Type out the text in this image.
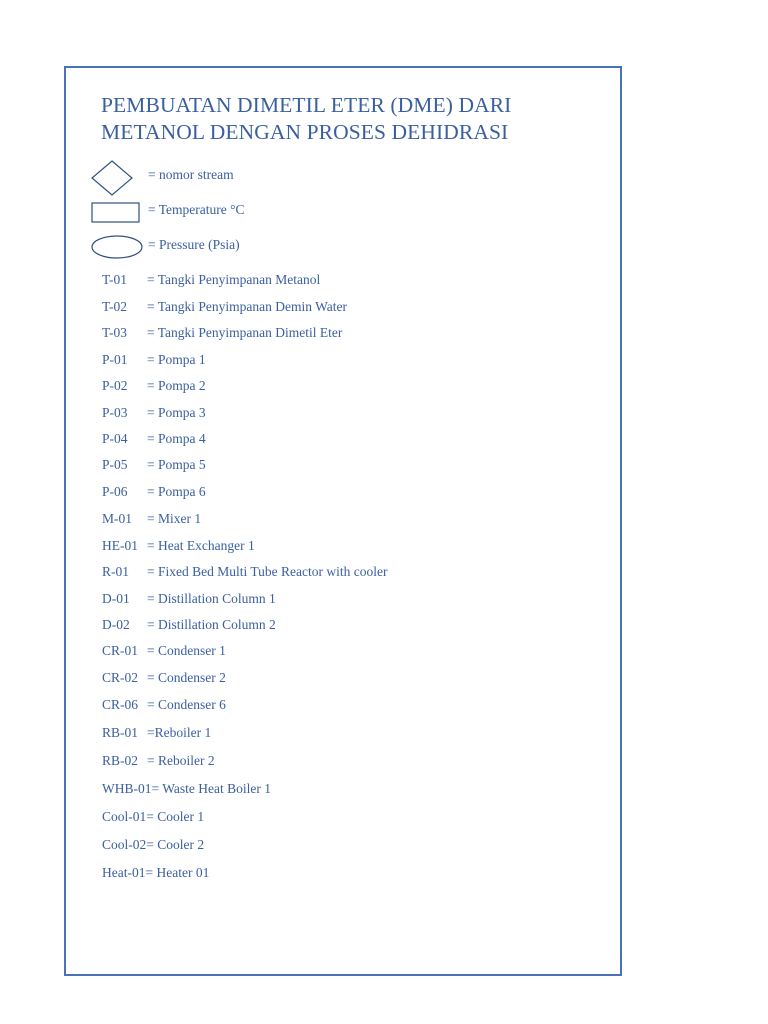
PEMBUATAN DIMETIL ETER (DME) DARI
METANOL DENGAN PROSES DEHIDRASI
= nomor stream
= Temperature °C
= Pressure (Psia)
T-01 = Tangki Penyimpanan Metanol
T-02 = Tangki Penyimpanan Demin Water
T-03 = Tangki Penyimpanan Dimetil Eter
P-01 = Pompa 1
P-02 = Pompa 2
P-03 = Pompa 3
P-04 = Pompa 4
P-05 = Pompa 5
P-06 = Pompa 6
M-01 = Mixer 1
HE-01 = Heat Exchanger 1
R-01 = Fixed Bed Multi Tube Reactor with cooler
D-01 = Distillation Column 1
D-02 = Distillation Column 2
CR-01 = Condenser 1
CR-02 = Condenser 2
CR-06 = Condenser 6
RB-01 =Reboiler 1
RB-02 = Reboiler 2
WHB-01= Waste Heat Boiler 1
Cool-01= Cooler 1
Cool-02= Cooler 2
Heat-01= Heater 01
